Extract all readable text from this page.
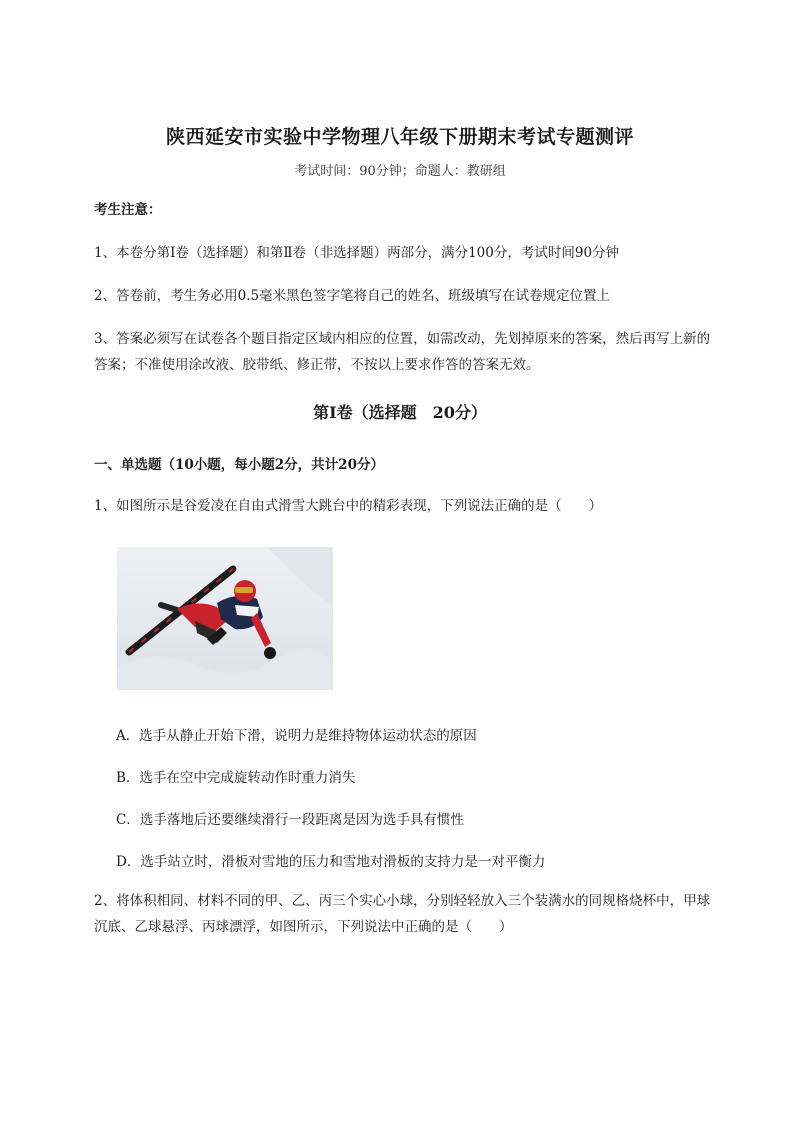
陕西延安市实验中学物理八年级下册期末考试专题测评
考试时间：90分钟；命题人：教研组
考生注意：
1、本卷分第I卷（选择题）和第Ⅱ卷（非选择题）两部分，满分100分，考试时间90分钟
2、答卷前，考生务必用0.5毫米黑色签字笔将自己的姓名、班级填写在试卷规定位置上
3、答案必须写在试卷各个题目指定区域内相应的位置，如需改动，先划掉原来的答案，然后再写上新的答案；不准使用涂改液、胶带纸、修正带，不按以上要求作答的答案无效。
第I卷（选择题　20分）
一、单选题（10小题，每小题2分，共计20分）
1、如图所示是谷爱凌在自由式滑雪大跳台中的精彩表现，下列说法正确的是（　　）
A．选手从静止开始下滑，说明力是维持物体运动状态的原因
B．选手在空中完成旋转动作时重力消失
C．选手落地后还要继续滑行一段距离是因为选手具有惯性
D．选手站立时，滑板对雪地的压力和雪地对滑板的支持力是一对平衡力
2、将体积相同、材料不同的甲、乙、丙三个实心小球，分别轻轻放入三个装满水的同规格烧杯中，甲球沉底、乙球悬浮、丙球漂浮，如图所示，下列说法中正确的是（　　）
